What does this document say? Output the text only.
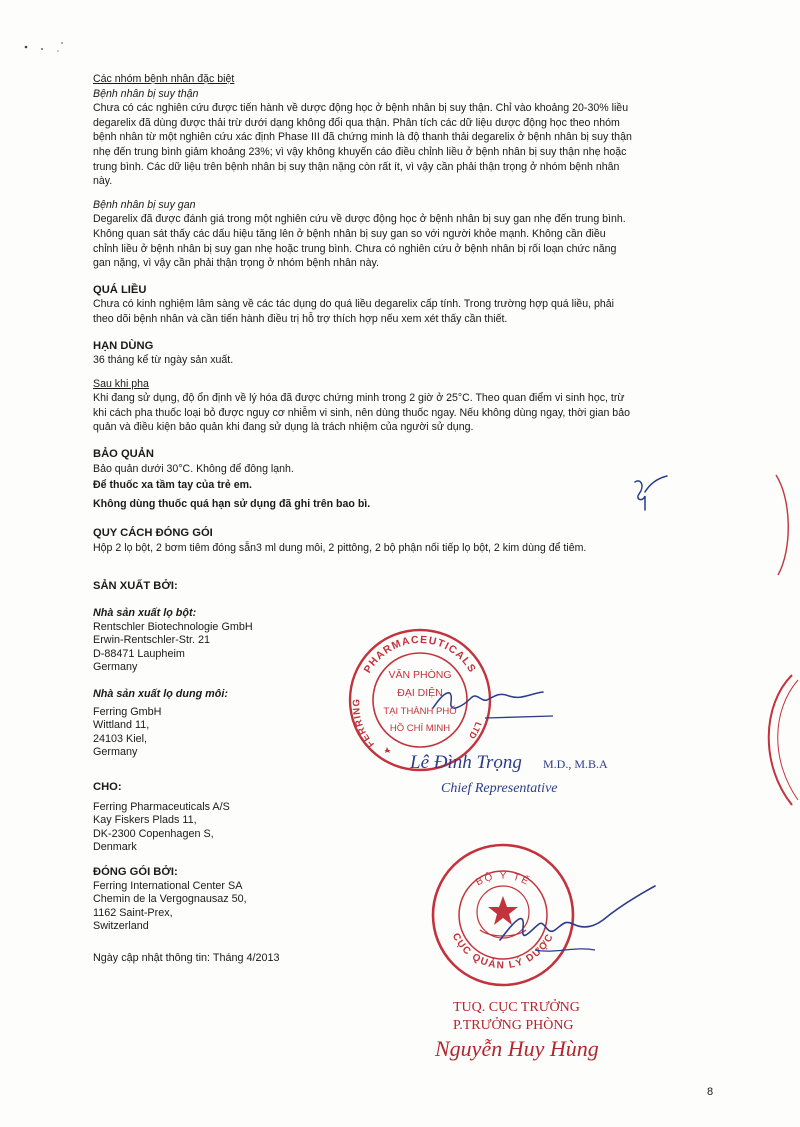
Các nhóm bệnh nhân đặc biệt

Bệnh nhân bị suy thận

Chưa có các nghiên cứu được tiến hành về dược động học ở bệnh nhân bị suy thận. Chỉ vào khoảng 20-30% liều

degarelix đã dùng được thải trừ dưới dạng không đổi qua thận. Phân tích các dữ liệu dược động học theo nhóm

bệnh nhân từ một nghiên cứu xác định Phase III đã chứng minh là độ thanh thải degarelix ở bệnh nhân bị suy thận

nhẹ đến trung bình giảm khoảng 23%; vì vậy không khuyến cáo điều chỉnh liều ở bệnh nhân bị suy thận nhẹ hoặc

trung bình. Các dữ liệu trên bệnh nhân bị suy thận nặng còn rất ít, vì vậy cần phải thận trọng ở nhóm bệnh nhân

này.

Bệnh nhân bị suy gan

Degarelix đã được đánh giá trong một nghiên cứu về dược động học ở bệnh nhân bị suy gan nhẹ đến trung bình.

Không quan sát thấy các dấu hiệu tăng lên ở bệnh nhân bị suy gan so với người khỏe mạnh. Không cần điều

chỉnh liều ở bệnh nhân bị suy gan nhẹ hoặc trung bình. Chưa có nghiên cứu ở bệnh nhân bị rối loạn chức năng

gan nặng, vì vậy cần phải thận trọng ở nhóm bệnh nhân này.

QUÁ LIỀU

Chưa có kinh nghiệm lâm sàng về các tác dụng do quá liều degarelix cấp tính. Trong trường hợp quá liều, phải

theo dõi bệnh nhân và cần tiến hành điều trị hỗ trợ thích hợp nếu xem xét thấy cần thiết.

HẠN DÙNG

36 tháng kể từ ngày sản xuất.

Sau khi pha

Khi đang sử dụng, độ ổn định về lý hóa đã được chứng minh trong 2 giờ ở 25°C. Theo quan điểm vi sinh học, trừ

khi cách pha thuốc loại bỏ được nguy cơ nhiễm vi sinh, nên dùng thuốc ngay. Nếu không dùng ngay, thời gian bảo

quản và điều kiện bảo quản khi đang sử dụng là trách nhiệm của người sử dụng.

BẢO QUẢN

Bảo quản dưới 30°C. Không để đông lạnh.

Để thuốc xa tầm tay của trẻ em.

Không dùng thuốc quá hạn sử dụng đã ghi trên bao bì.

QUY CÁCH ĐÓNG GÓI

Hộp 2 lọ bột, 2 bơm tiêm đóng sẵn3 ml dung môi, 2 pittông, 2 bộ phận nối tiếp lọ bột, 2 kim dùng để tiêm.

SẢN XUẤT BỞI:

Nhà sản xuất lọ bột:

Rentschler Biotechnologie GmbH

Erwin-Rentschler-Str. 21

D-88471 Laupheim

Germany

Nhà sản xuất lọ dung môi:

Ferring GmbH

Wittland 11,

24103 Kiel,

Germany

CHO:

Ferring Pharmaceuticals A/S

Kay Fiskers Plads 11,

DK-2300 Copenhagen S,

Denmark

ĐÓNG GÓI BỞI:

Ferring International Center SA

Chemin de la Vergognausaz 50,

1162 Saint-Prex,

Switzerland

Ngày cập nhật thông tin: Tháng 4/2013

PHARMACEUTICALS
FERRING
LTD
VĂN PHÒNG
ĐẠI DIỆN
TẠI THÀNH PHỐ
HỒ CHÍ MINH
Lê Đình Trọng M.D., M.B.A
Chief Representative
BỘ Y TẾ
CỤC QUẢN LÝ DƯỢC
TUQ. CỤC TRƯỞNG
P.TRƯỞNG PHÒNG
Nguyễn Huy Hùng
8
